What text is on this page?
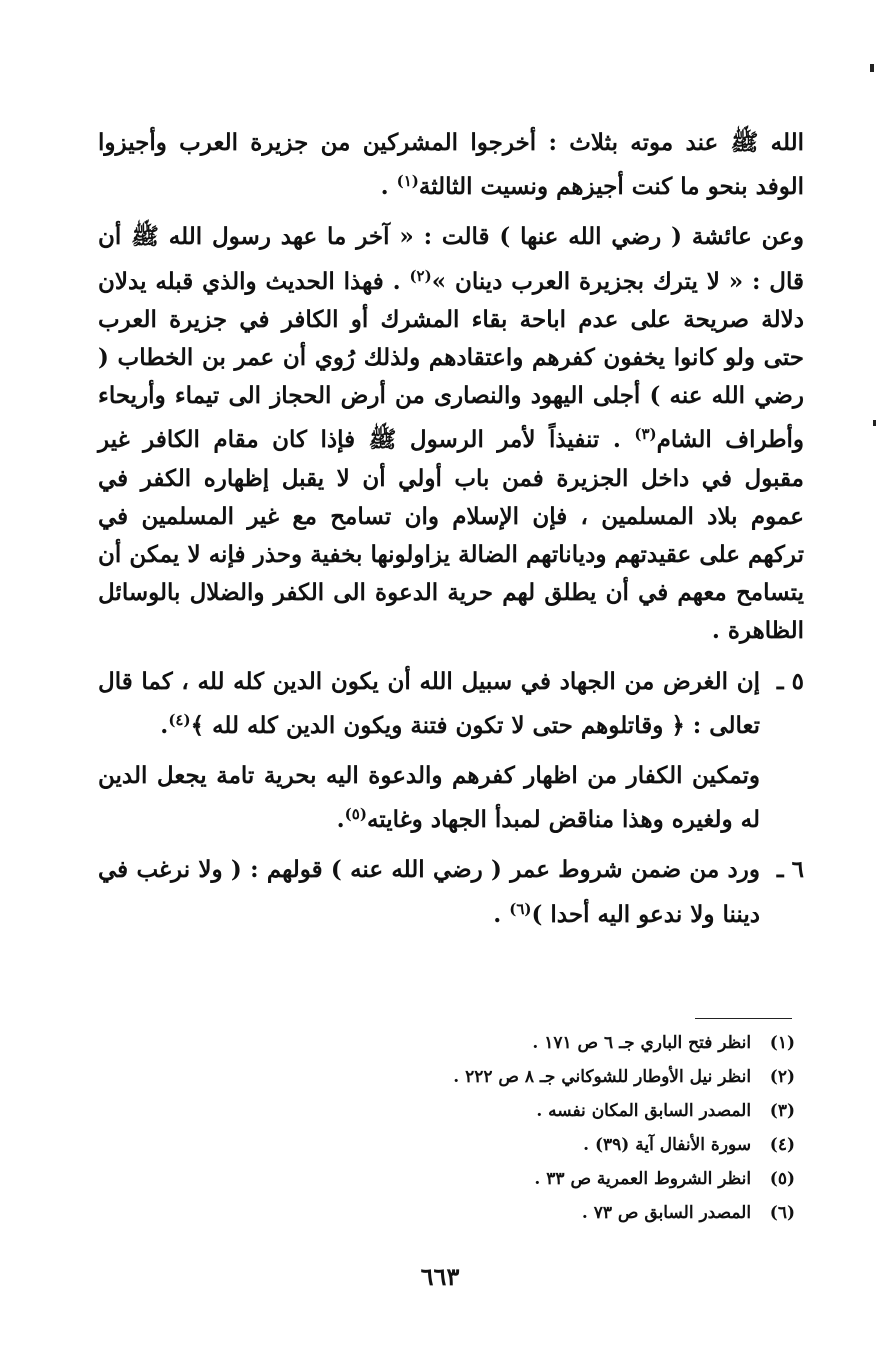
الله ﷺ عند موته بثلاث : أخرجوا المشركين من جزيرة العرب وأجيزوا الوفد بنحو ما كنت أجيزهم ونسيت الثالثة$^{(١)}$ .

وعن عائشة ( رضي الله عنها ) قالت : « آخر ما عهد رسول الله ﷺ أن قال : « لا يترك بجزيرة العرب دينان »$^{(٢)}$ . فهذا الحديث والذي قبله يدلان دلالة صريحة على عدم اباحة بقاء المشرك أو الكافر في جزيرة العرب حتى ولو كانوا يخفون كفرهم واعتقادهم ولذلك رُوي أن عمر بن الخطاب ( رضي الله عنه ) أجلى اليهود والنصارى من أرض الحجاز الى تيماء وأريحاء وأطراف الشام$^{(٣)}$ . تنفيذاً لأمر الرسول ﷺ فإذا كان مقام الكافر غير مقبول في داخل الجزيرة فمن باب أولي أن لا يقبل إظهاره الكفر في عموم بلاد المسلمين ، فإن الإسلام وان تسامح مع غير المسلمين في تركهم على عقيدتهم ودياناتهم الضالة يزاولونها بخفية وحذر فإنه لا يمكن أن يتسامح معهم في أن يطلق لهم حرية الدعوة الى الكفر والضلال بالوسائل الظاهرة .

٥ ـ

إن الغرض من الجهاد في سبيل الله أن يكون الدين كله لله ، كما قال تعالى : ﴿ وقاتلوهم حتى لا تكون فتنة ويكون الدين كله لله ﴾$^{(٤)}$.

وتمكين الكفار من اظهار كفرهم والدعوة اليه بحرية تامة يجعل الدين له ولغيره وهذا مناقض لمبدأ الجهاد وغايته$^{(٥)}$.

٦ ـ

ورد من ضمن شروط عمر ( رضي الله عنه ) قولهم : ( ولا نرغب في ديننا ولا ندعو اليه أحدا )$^{(٦)}$ .

(١) انظر فتح الباري جـ ٦ ص ١٧١ .

(٢) انظر نيل الأوطار للشوكاني جـ ٨ ص ٢٢٢ .

(٣) المصدر السابق المكان نفسه .

(٤) سورة الأنفال آية (٣٩) .

(٥) انظر الشروط العمرية ص ٣٣ .

(٦) المصدر السابق ص ٧٣ .

٦٦٣
